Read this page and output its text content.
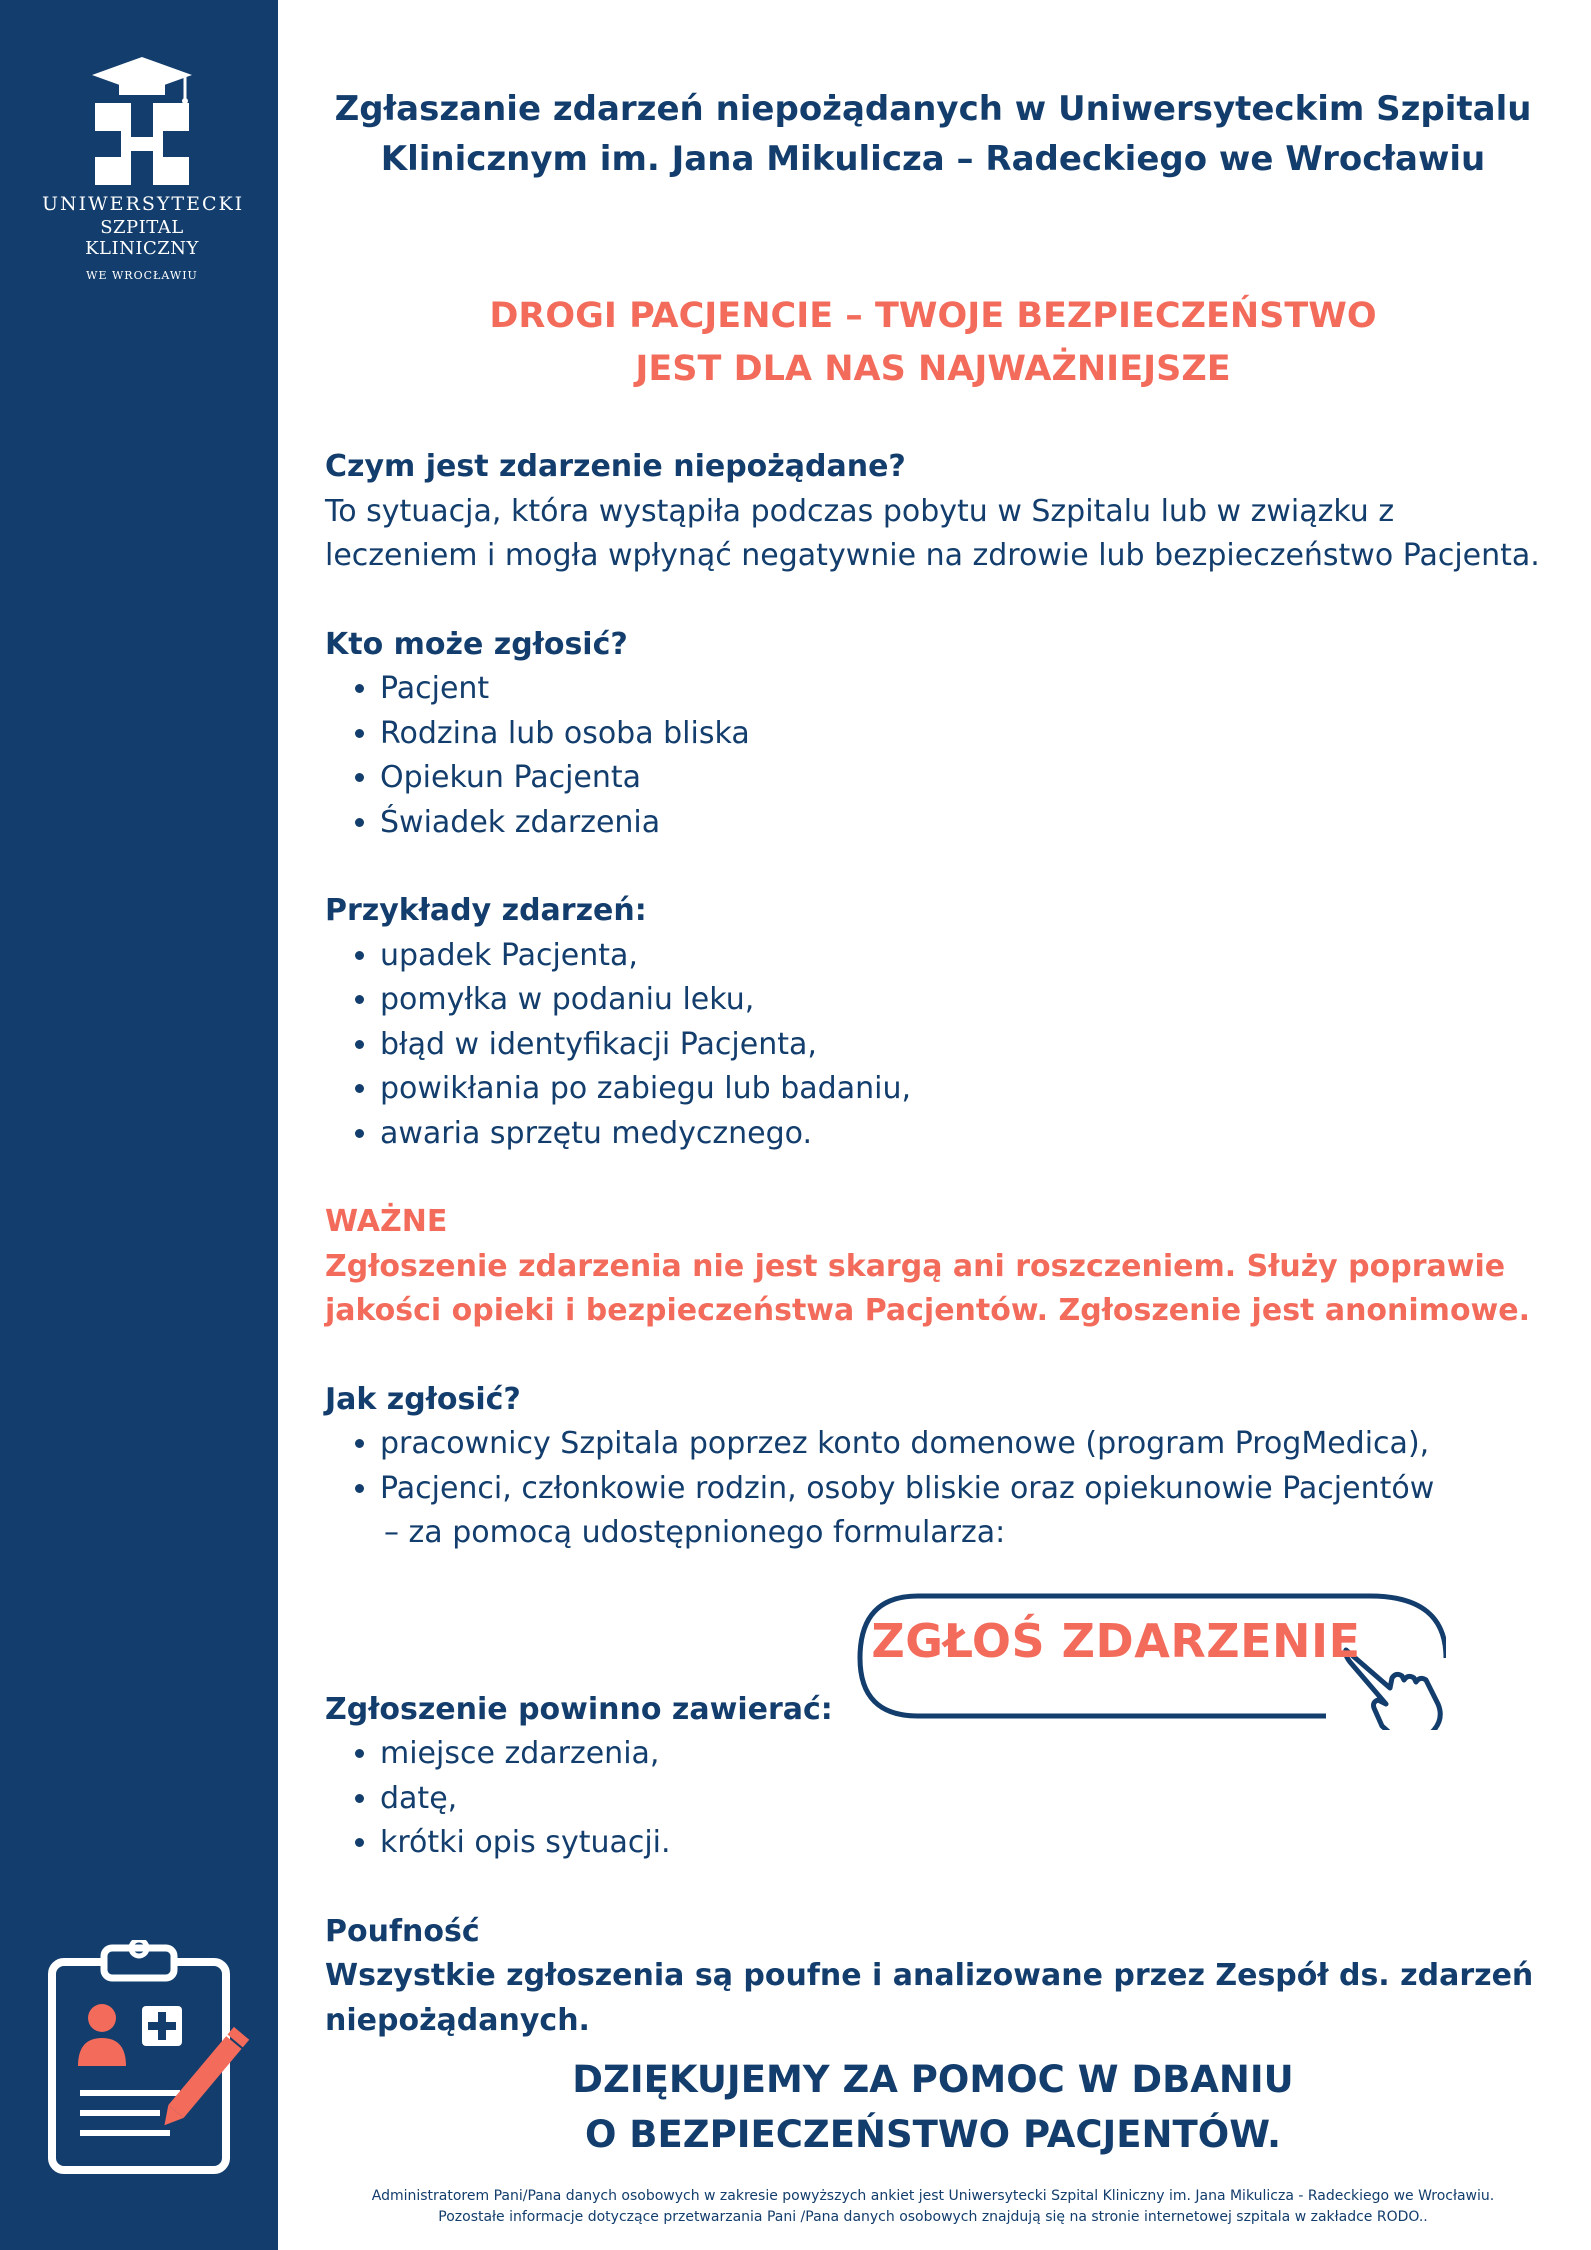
UNIWERSYTECKI
SZPITAL KLINICZNY
WE WROCŁAWIU
Zgłaszanie zdarzeń niepożądanych w Uniwersyteckim Szpitalu Klinicznym im. Jana Mikulicza – Radeckiego we Wrocławiu
DROGI PACJENCIE – TWOJE BEZPIECZEŃSTWO
JEST DLA NAS NAJWAŻNIEJSZE
Czym jest zdarzenie niepożądane?

To sytuacja, która wystąpiła podczas pobytu w Szpitalu lub w związku z leczeniem i mogła wpłynąć negatywnie na zdrowie lub bezpieczeństwo Pacjenta.

Kto może zgłosić?
• Pacjent
• Rodzina lub osoba bliska
• Opiekun Pacjenta
• Świadek zdarzenia
Przykłady zdarzeń:
• upadek Pacjenta,
• pomyłka w podaniu leku,
• błąd w identyfikacji Pacjenta,
• powikłania po zabiegu lub badaniu,
• awaria sprzętu medycznego.
WAŻNE

Zgłoszenie zdarzenia nie jest skargą ani roszczeniem. Służy poprawie jakości opieki i bezpieczeństwa Pacjentów. Zgłoszenie jest anonimowe.

Jak zgłosić?
• pracownicy Szpitala poprzez konto domenowe (program ProgMedica),
• Pacjenci, członkowie rodzin, osoby bliskie oraz opiekunowie Pacjentów
– za pomocą udostępnionego formularza:
Zgłoszenie powinno zawierać:
• miejsce zdarzenia,
• datę,
• krótki opis sytuacji.
Poufność

Wszystkie zgłoszenia są poufne i analizowane przez Zespół ds. zdarzeń niepożądanych.

ZGŁOŚ ZDARZENIE
DZIĘKUJEMY ZA POMOC W DBANIU
O BEZPIECZEŃSTWO PACJENTÓW.
Administratorem Pani/Pana danych osobowych w zakresie powyższych ankiet jest Uniwersytecki Szpital Kliniczny im. Jana Mikulicza - Radeckiego we Wrocławiu.
Pozostałe informacje dotyczące przetwarzania Pani /Pana danych osobowych znajdują się na stronie internetowej szpitala w zakładce RODO..
